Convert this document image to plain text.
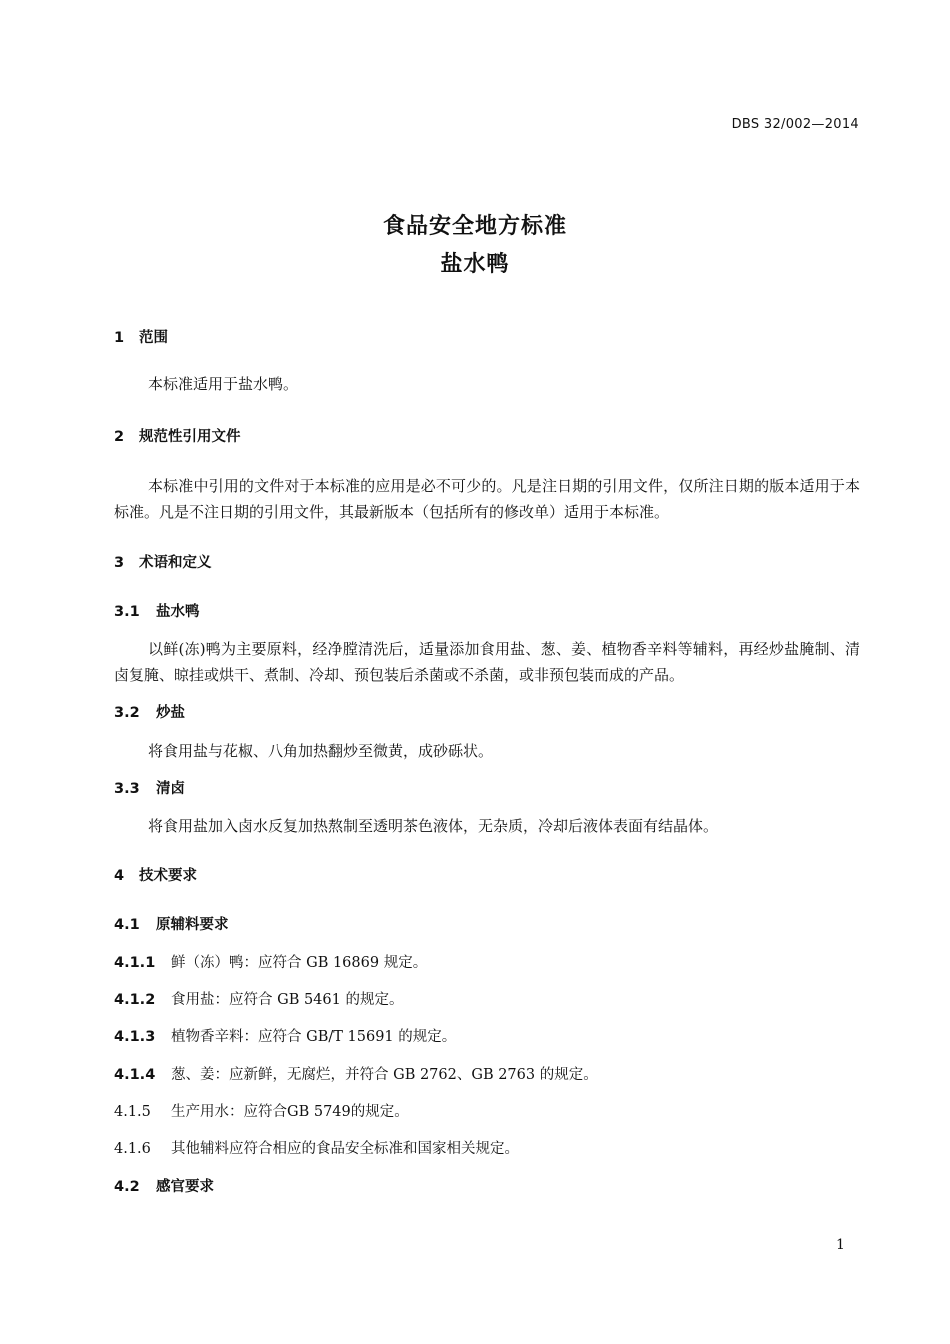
DBS 32/002—2014
食品安全地方标准
盐水鸭
1 范围
本标准适用于盐水鸭。
2 规范性引用文件
本标准中引用的文件对于本标准的应用是必不可少的。凡是注日期的引用文件，仅所注日期的版本适用于本标准。凡是不注日期的引用文件，其最新版本（包括所有的修改单）适用于本标准。
3 术语和定义
3.1 盐水鸭
以鲜(冻)鸭为主要原料，经净膛清洗后，适量添加食用盐、葱、姜、植物香辛料等辅料，再经炒盐腌制、清卤复腌、晾挂或烘干、煮制、冷却、预包装后杀菌或不杀菌，或非预包装而成的产品。
3.2 炒盐
将食用盐与花椒、八角加热翻炒至微黄，成砂砾状。
3.3 清卤
将食用盐加入卤水反复加热熬制至透明茶色液体，无杂质，冷却后液体表面有结晶体。
4 技术要求
4.1 原辅料要求
4.1.1 鲜（冻）鸭：应符合 GB 16869 规定。
4.1.2 食用盐：应符合 GB 5461 的规定。
4.1.3 植物香辛料：应符合 GB/T 15691 的规定。
4.1.4 葱、姜：应新鲜，无腐烂，并符合 GB 2762、GB 2763 的规定。
4.1.5 生产用水：应符合GB 5749的规定。
4.1.6 其他辅料应符合相应的食品安全标准和国家相关规定。
4.2 感官要求
1
